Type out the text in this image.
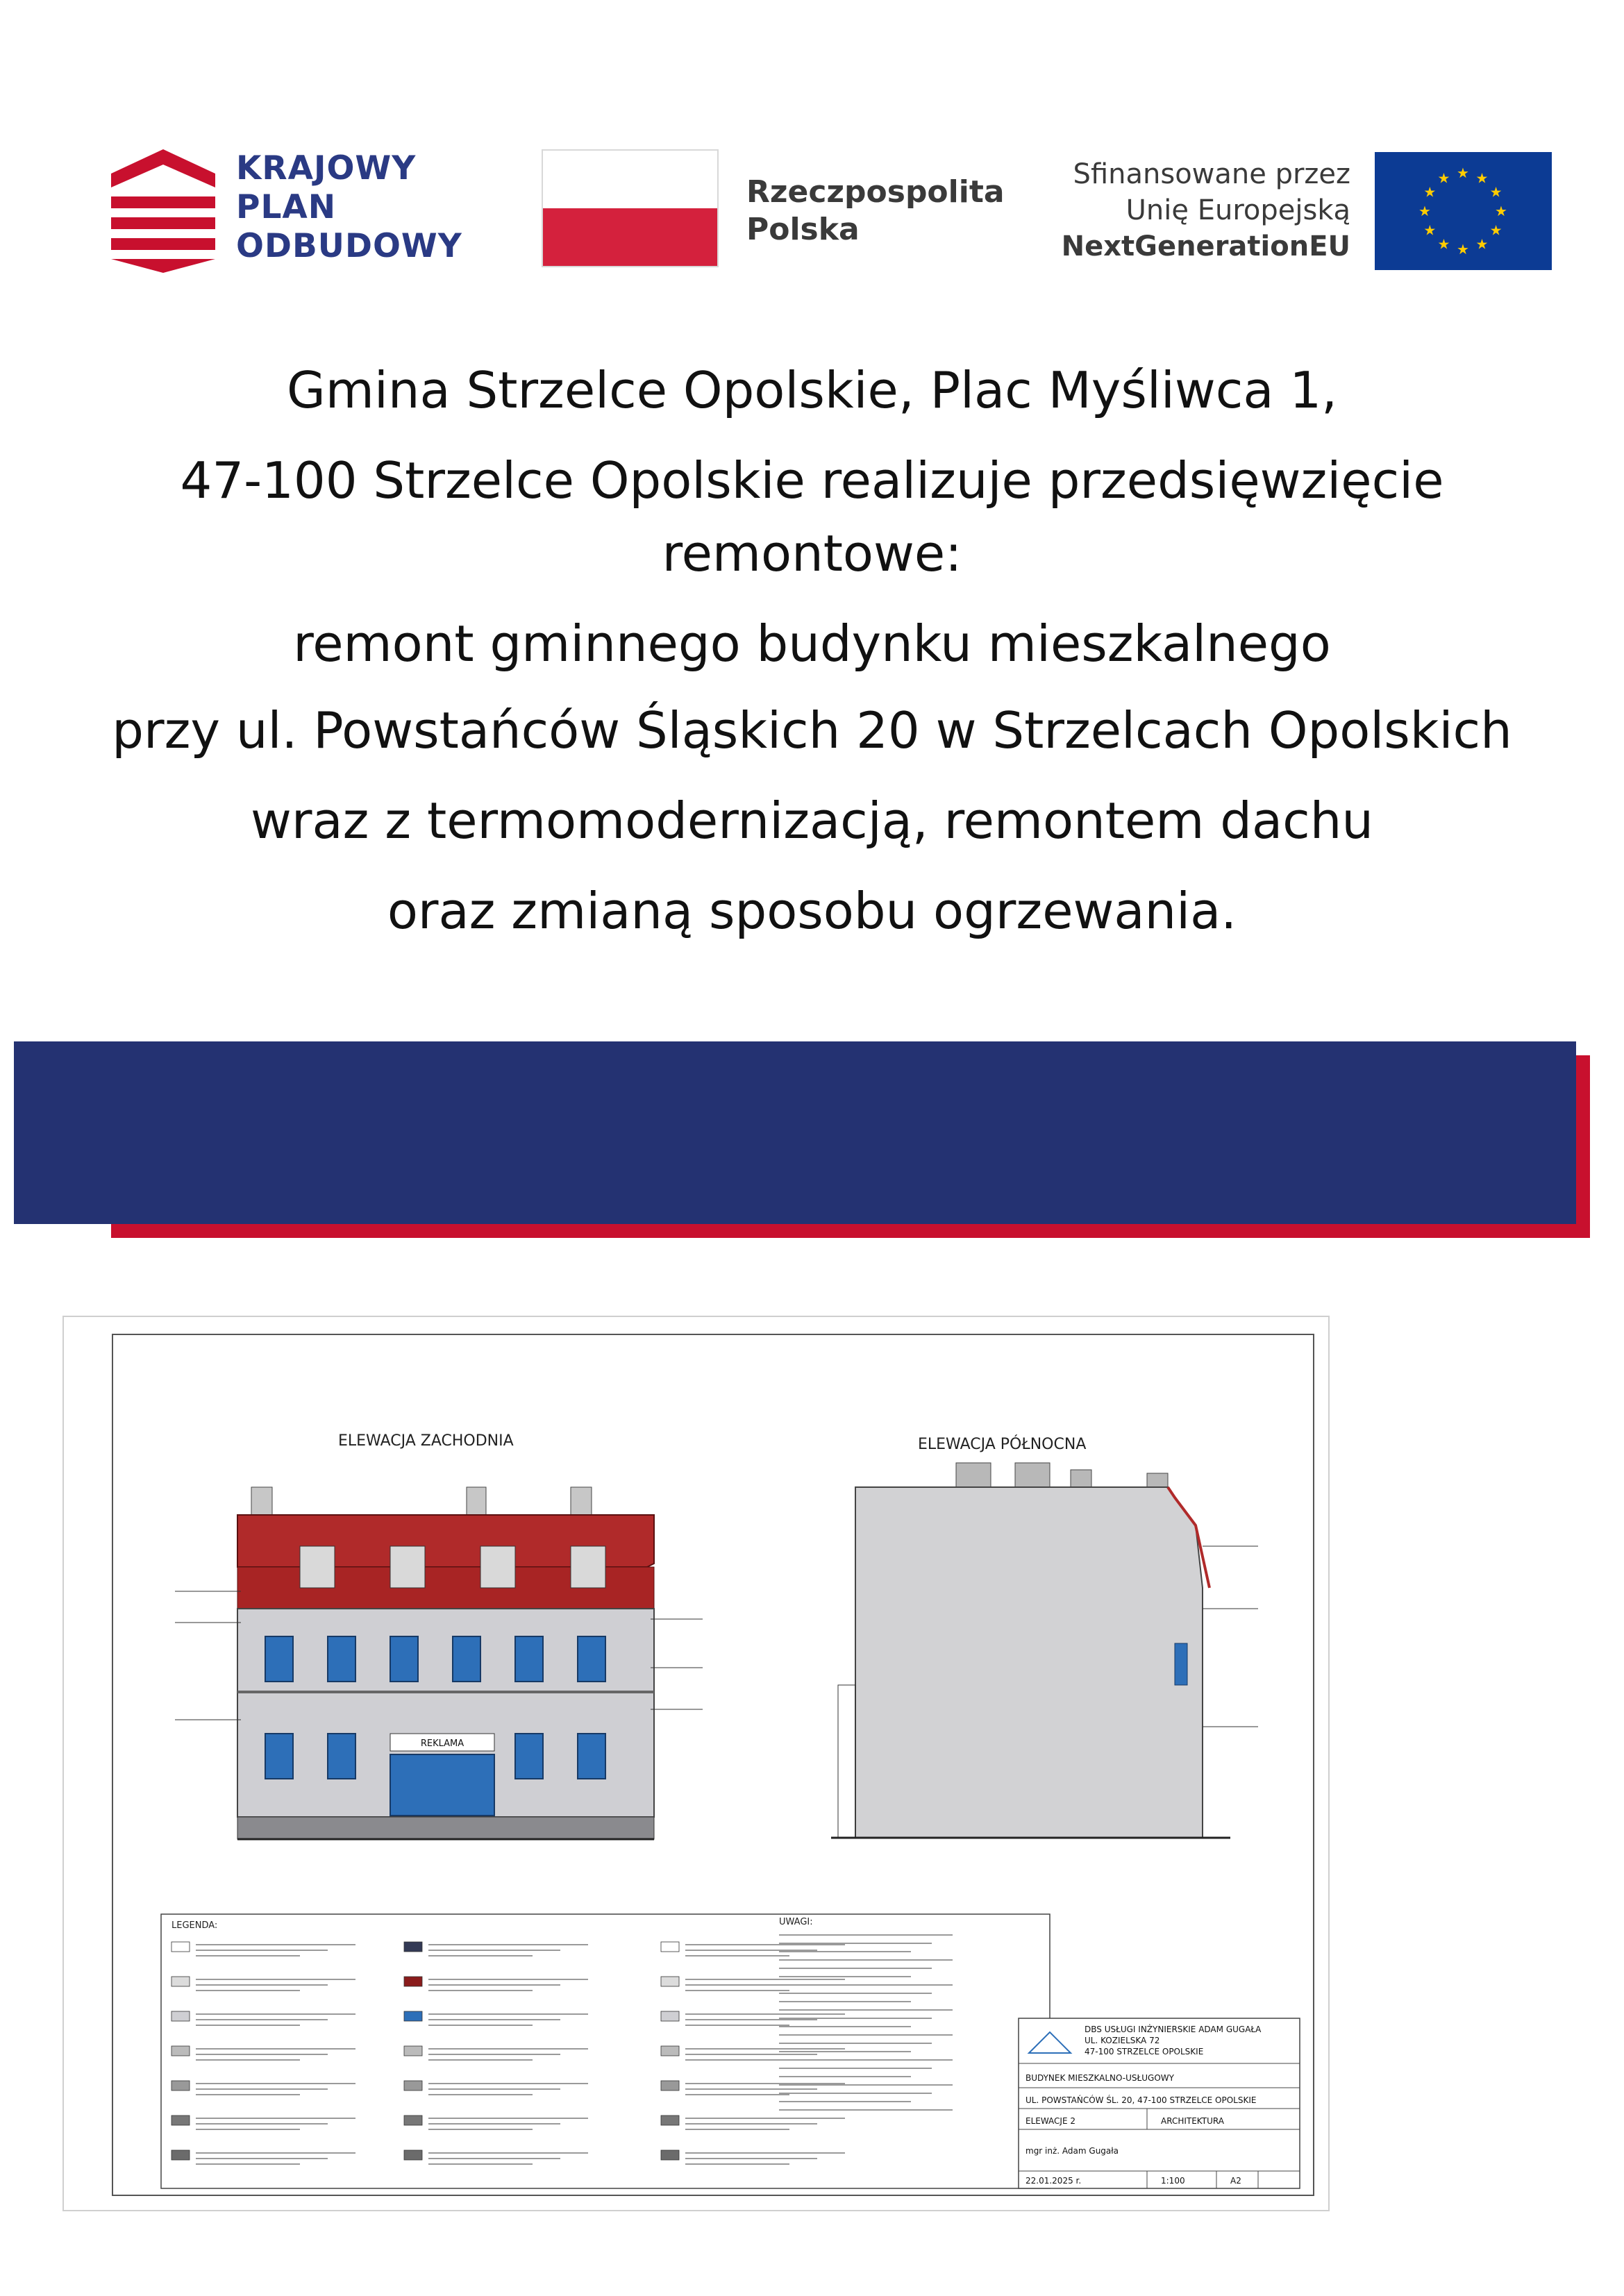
KRAJOWY
PLAN
ODBUDOWY
Rzeczpospolita
Polska
Sfinansowane przez
Unię Europejską
NextGenerationEU
★ ★
★
★
★
★
★
★
★
★
★
★
Gmina Strzelce Opolskie, Plac Myśliwca 1,
47-100 Strzelce Opolskie realizuje przedsięwzięcie
remontowe:
remont gminnego budynku mieszkalnego
przy ul. Powstańców Śląskich 20 w Strzelcach Opolskich
wraz z termomodernizacją, remontem dachu
oraz zmianą sposobu ogrzewania.
ELEWACJA ZACHODNIA	ELEWACJA PÓŁNOCNA
REKLAMA
LEGENDA:	UWAGI:
DBS USŁUGI INŻYNIERSKIE ADAM GUGAŁA
UL. KOZIELSKA 72
47-100 STRZELCE OPOLSKIE
BUDYNEK MIESZKALNO-USŁUGOWY
UL. POWSTAŃCÓW ŚL. 20, 47-100 STRZELCE OPOLSKIE
ELEWACJE 2	ARCHITEKTURA
mgr inż. Adam Gugała
22.01.2025 r.	1:100	A2
